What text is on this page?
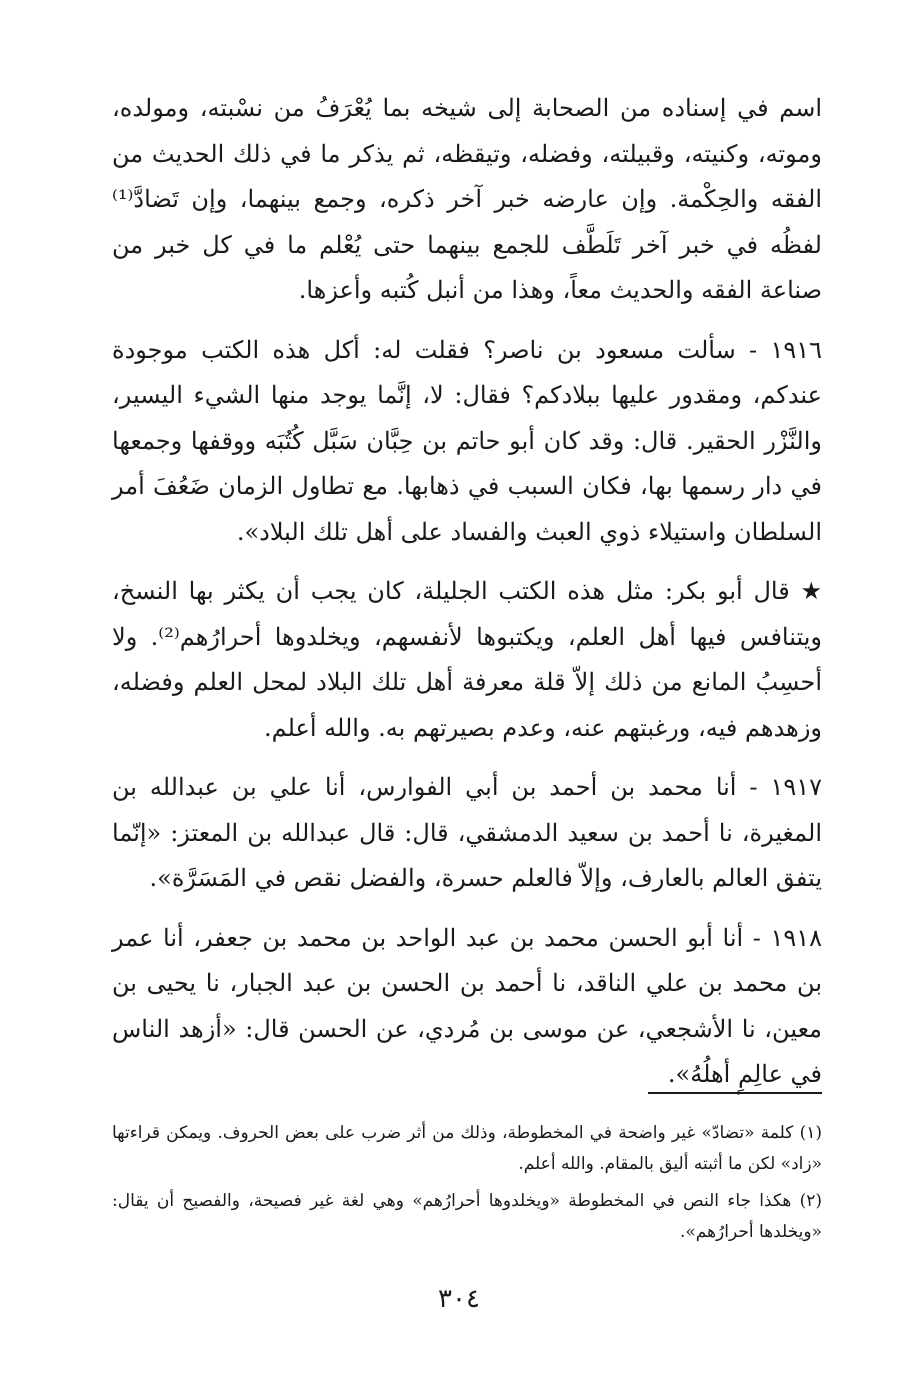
اسم في إسناده من الصحابة إلى شيخه بما يُعْرَفُ من نسْبته، ومولده، وموته، وكنيته، وقبيلته، وفضله، وتيقظه، ثم يذكر ما في ذلك الحديث من الفقه والحِكْمة. وإن عارضه خبر آخر ذكره، وجمع بينهما، وإن تَضادَّ⁽¹⁾ لفظُه في خبر آخر تَلَطَّف للجمع بينهما حتى يُعْلم ما في كل خبر من صناعة الفقه والحديث معاً، وهذا من أنبل كُتبه وأعزها.

١٩١٦ - سألت مسعود بن ناصر؟ فقلت له: أكل هذه الكتب موجودة عندكم، ومقدور عليها ببلادكم؟ فقال: لا، إنَّما يوجد منها الشيء اليسير، والنَّزْر الحقير. قال: وقد كان أبو حاتم بن حِبَّان سَبَّل كُتُبَه ووقفها وجمعها في دار رسمها بها، فكان السبب في ذهابها. مع تطاول الزمان ضَعُفَ أمر السلطان واستيلاء ذوي العبث والفساد على أهل تلك البلاد».

★ قال أبو بكر: مثل هذه الكتب الجليلة، كان يجب أن يكثر بها النسخ، ويتنافس فيها أهل العلم، ويكتبوها لأنفسهم، ويخلدوها أحرارُهم⁽²⁾. ولا أحسِبُ المانع من ذلك إلاّ قلة معرفة أهل تلك البلاد لمحل العلم وفضله، وزهدهم فيه، ورغبتهم عنه، وعدم بصيرتهم به. والله أعلم.

١٩١٧ - أنا محمد بن أحمد بن أبي الفوارس، أنا علي بن عبدالله بن المغيرة، نا أحمد بن سعيد الدمشقي، قال: قال عبدالله بن المعتز: «إنّما يتفق العالم بالعارف، وإلاّ فالعلم حسرة، والفضل نقص في المَسَرَّة».

١٩١٨ - أنا أبو الحسن محمد بن عبد الواحد بن محمد بن جعفر، أنا عمر بن محمد بن علي الناقد، نا أحمد بن الحسن بن عبد الجبار، نا يحيى بن معين، نا الأشجعي، عن موسى بن مُردي، عن الحسن قال: «أزهد الناس في عالِمٍ أهلُهُ».

(١) كلمة «تضادّ» غير واضحة في المخطوطة، وذلك من أثر ضرب على بعض الحروف. ويمكن قراءتها «زاد» لكن ما أثبته أليق بالمقام. والله أعلم.

(٢) هكذا جاء النص في المخطوطة «ويخلدوها أحرارُهم» وهي لغة غير فصيحة، والفصيح أن يقال: «ويخلدها أحرارُهم».

٣٠٤
